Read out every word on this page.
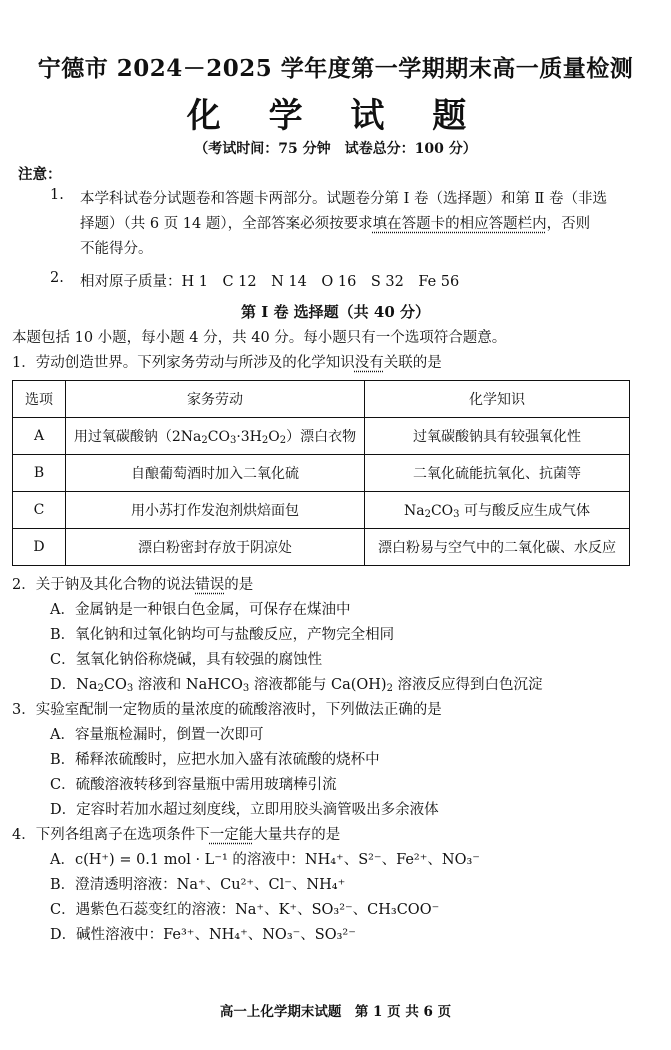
宁德市 2024－2025 学年度第一学期期末高一质量检测
化 学 试 题
（考试时间：75 分钟　试卷总分：100 分）
注意：
1. 本学科试卷分试题卷和答题卡两部分。试题卷分第 Ⅰ 卷（选择题）和第 Ⅱ 卷（非选
择题）（共 6 页 14 题），全部答案必须按要求填在答题卡的相应答题栏内，否则
不能得分。
2. 相对原子质量：H 1　C 12　N 14　O 16　S 32　Fe 56
第 Ⅰ 卷 选择题（共 40 分）
本题包括 10 小题，每小题 4 分，共 40 分。每小题只有一个选项符合题意。
1．劳动创造世界。下列家务劳动与所涉及的化学知识没有关联的是
选项	家务劳动	化学知识
A	用过氧碳酸钠$(2Na_2CO_3\cdot 3H_2O_2)$漂白衣物	过氧碳酸钠具有较强氧化性
B	自酿葡萄酒时加入二氧化硫	二氧化硫能抗氧化、抗菌等
C	用小苏打作发泡剂烘焙面包	$Na_2CO_3$ 可与酸反应生成气体
D	漂白粉密封存放于阴凉处	漂白粉易与空气中的二氧化碳、水反应
2．关于钠及其化合物的说法错误的是
A．金属钠是一种银白色金属，可保存在煤油中
B．氧化钠和过氧化钠均可与盐酸反应，产物完全相同
C．氢氧化钠俗称烧碱，具有较强的腐蚀性
D．$Na_2CO_3$ 溶液和 NaHCO$_3$ 溶液都能与 $Ca(OH)_2$ 溶液反应得到白色沉淀
3．实验室配制一定物质的量浓度的硫酸溶液时，下列做法正确的是
A．容量瓶检漏时，倒置一次即可
B．稀释浓硫酸时，应把水加入盛有浓硫酸的烧杯中
C．硫酸溶液转移到容量瓶中需用玻璃棒引流
D．定容时若加水超过刻度线，立即用胶头滴管吸出多余液体
4．下列各组离子在选项条件下一定能大量共存的是
A．c(H⁺) = 0.1 mol · L⁻¹ 的溶液中：NH₄⁺、S²⁻、Fe²⁺、NO₃⁻
B．澄清透明溶液：Na⁺、Cu²⁺、Cl⁻、NH₄⁺
C．遇紫色石蕊变红的溶液：Na⁺、K⁺、SO₃²⁻、CH₃COO⁻
D．碱性溶液中：Fe³⁺、NH₄⁺、NO₃⁻、SO₃²⁻
高一上化学期末试题　第 1 页 共 6 页
